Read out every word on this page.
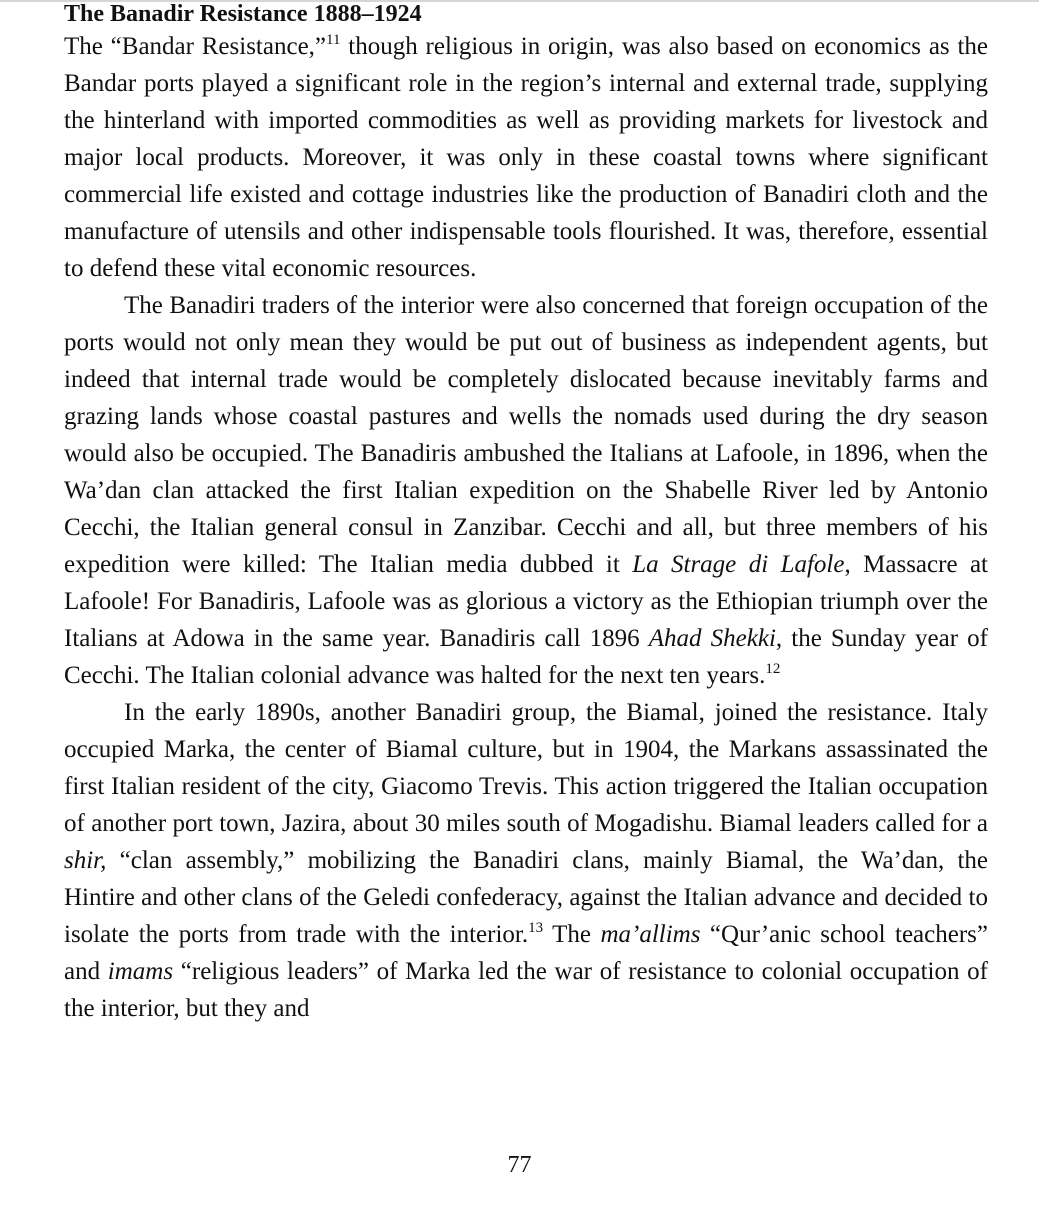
The Banadir Resistance 1888–1924

The “Bandar Resistance,”$^{11}$ though religious in origin, was also based on economics as the Bandar ports played a significant role in the region’s internal and external trade, supplying the hinterland with imported commodities as well as providing markets for livestock and major local products. Moreover, it was only in these coastal towns where significant commercial life existed and cottage industries like the production of Banadiri cloth and the manufacture of utensils and other indispensable tools flourished. It was, therefore, essential to defend these vital economic resources.

The Banadiri traders of the interior were also concerned that foreign occupation of the ports would not only mean they would be put out of business as independent agents, but indeed that internal trade would be completely dislocated because inevitably farms and grazing lands whose coastal pastures and wells the nomads used during the dry season would also be occupied. The Banadiris ambushed the Italians at Lafoole, in 1896, when the Wa’dan clan attacked the first Italian expedition on the Shabelle River led by Antonio Cecchi, the Italian general consul in Zanzibar. Cecchi and all, but three members of his expedition were killed: The Italian media dubbed it La Strage di Lafole, Massacre at Lafoole! For Banadiris, Lafoole was as glorious a victory as the Ethiopian triumph over the Italians at Adowa in the same year. Banadiris call 1896 Ahad Shekki, the Sunday year of Cecchi. The Italian colonial advance was halted for the next ten years.$^{12}$

In the early 1890s, another Banadiri group, the Biamal, joined the resistance. Italy occupied Marka, the center of Biamal culture, but in 1904, the Markans assassinated the first Italian resident of the city, Giacomo Trevis. This action triggered the Italian occupation of another port town, Jazira, about 30 miles south of Mogadishu. Biamal leaders called for a shir, “clan assembly,” mobilizing the Banadiri clans, mainly Biamal, the Wa’dan, the Hintire and other clans of the Geledi confederacy, against the Italian advance and decided to isolate the ports from trade with the interior.$^{13}$ The ma’allims “Qur’anic school teachers” and imams “religious leaders” of Marka led the war of resistance to colonial occupation of the interior, but they and

77
